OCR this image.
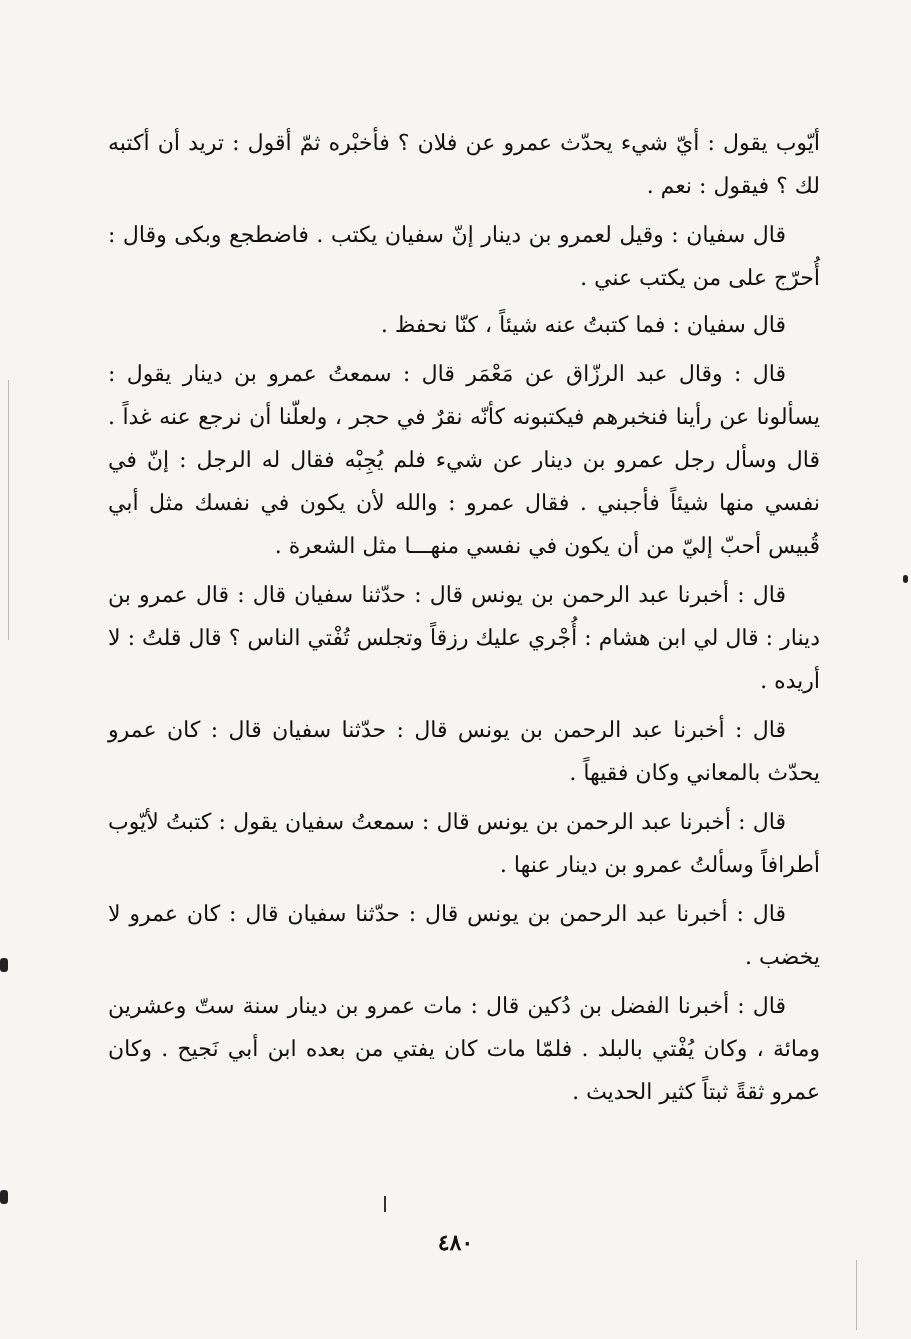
أيّوب يقول : أيّ شيء يحدّث عمرو عن فلان ؟ فأخبْره ثمّ أقول : تريد أن أكتبه لك ؟ فيقول : نعم .

قال سفيان : وقيل لعمرو بن دينار إنّ سفيان يكتب . فاضطجع وبكى وقال : أُحرّج على من يكتب عني .

قال سفيان : فما كتبتُ عنه شيئاً ، كنّا نحفظ .

قال : وقال عبد الرزّاق عن مَعْمَر قال : سمعتُ عمرو بن دينار يقول : يسألونا عن رأينا فنخبرهم فيكتبونه كأنّه نقرٌ في حجر ، ولعلّنا أن نرجع عنه غداً . قال وسأل رجل عمرو بن دينار عن شيء فلم يُجِبْه فقال له الرجل : إنّ في نفسي منها شيئاً فأجبني . فقال عمرو : والله لأن يكون في نفسك مثل أبي قُبيس أحبّ إليّ من أن يكون في نفسي منهـــا مثل الشعرة .

قال : أخبرنا عبد الرحمن بن يونس قال : حدّثنا سفيان قال : قال عمرو بن دينار : قال لي ابن هشام : أُجْري عليك رزقاً وتجلس تُفْتي الناس ؟ قال قلتُ : لا أريده .

قال : أخبرنا عبد الرحمن بن يونس قال : حدّثنا سفيان قال : كان عمرو يحدّث بالمعاني وكان فقيهاً .

قال : أخبرنا عبد الرحمن بن يونس قال : سمعتُ سفيان يقول : كتبتُ لأيّوب أطرافاً وسألتُ عمرو بن دينار عنها .

قال : أخبرنا عبد الرحمن بن يونس قال : حدّثنا سفيان قال : كان عمرو لا يخضب .

قال : أخبرنا الفضل بن دُكين قال : مات عمرو بن دينار سنة ستّ وعشرين ومائة ، وكان يُفْتي بالبلد . فلمّا مات كان يفتي من بعده ابن أبي نَجيح . وكان عمرو ثقةً ثبتاً كثير الحديث .

٤٨٠
